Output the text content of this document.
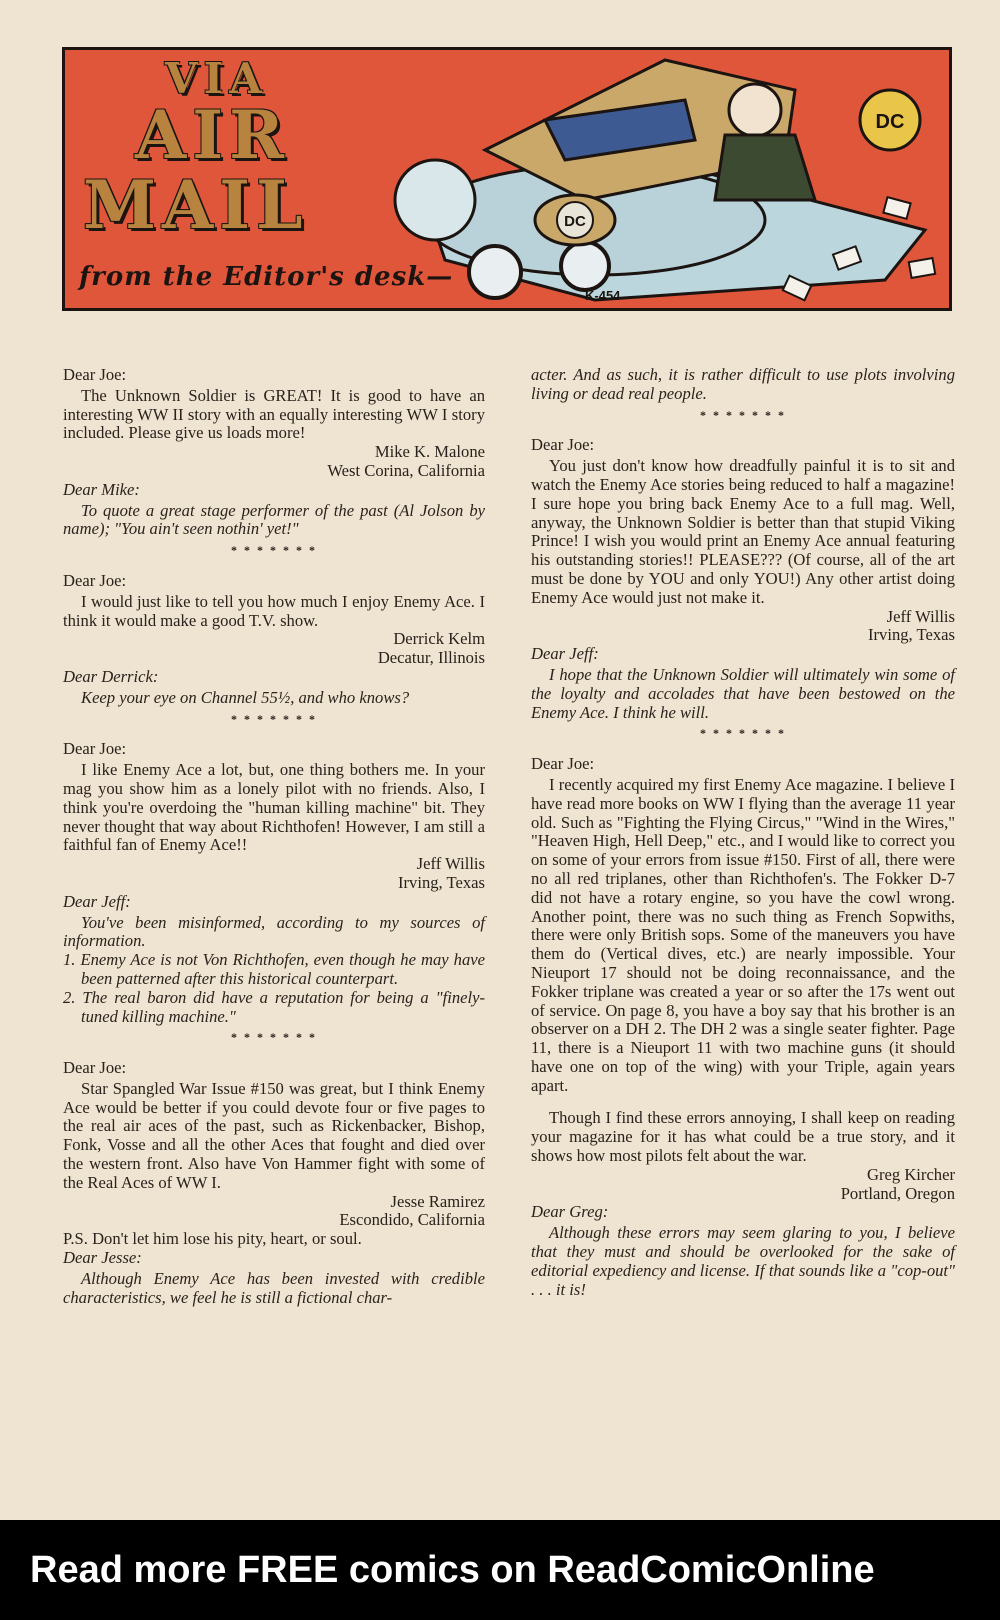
DC
DC
VIA
AIR
MAIL
from the Editor's desk—
K-454
Dear Joe:

The Unknown Soldier is GREAT! It is good to have an interesting WW II story with an equally interesting WW I story included. Please give us loads more!

Mike K. Malone

West Corina, California

Dear Mike:

To quote a great stage performer of the past (Al Jolson by name); "You ain't seen nothin' yet!"

* * * * * * *
Dear Joe:

I would just like to tell you how much I enjoy Enemy Ace. I think it would make a good T.V. show.

Derrick Kelm

Decatur, Illinois

Dear Derrick:

Keep your eye on Channel 55½, and who knows?

* * * * * * *
Dear Joe:

I like Enemy Ace a lot, but, one thing bothers me. In your mag you show him as a lonely pilot with no friends. Also, I think you're overdoing the "human killing machine" bit. They never thought that way about Richthofen! However, I am still a faithful fan of Enemy Ace!!

Jeff Willis

Irving, Texas

Dear Jeff:

You've been misinformed, according to my sources of information.

1. Enemy Ace is not Von Richthofen, even though he may have been patterned after this historical counterpart.
2. The real baron did have a reputation for being a "finely-tuned killing machine."
* * * * * * *
Dear Joe:

Star Spangled War Issue #150 was great, but I think Enemy Ace would be better if you could devote four or five pages to the real air aces of the past, such as Rickenbacker, Bishop, Fonk, Vosse and all the other Aces that fought and died over the western front. Also have Von Hammer fight with some of the Real Aces of WW I.

Jesse Ramirez

Escondido, California

P.S. Don't let him lose his pity, heart, or soul.

Dear Jesse:

Although Enemy Ace has been invested with credible characteristics, we feel he is still a fictional char-

acter. And as such, it is rather difficult to use plots involving living or dead real people.

* * * * * * *
Dear Joe:

You just don't know how dreadfully painful it is to sit and watch the Enemy Ace stories being reduced to half a magazine! I sure hope you bring back Enemy Ace to a full mag. Well, anyway, the Unknown Soldier is better than that stupid Viking Prince! I wish you would print an Enemy Ace annual featuring his outstanding stories!! PLEASE??? (Of course, all of the art must be done by YOU and only YOU!) Any other artist doing Enemy Ace would just not make it.

Jeff Willis

Irving, Texas

Dear Jeff:

I hope that the Unknown Soldier will ultimately win some of the loyalty and accolades that have been bestowed on the Enemy Ace. I think he will.

* * * * * * *
Dear Joe:

I recently acquired my first Enemy Ace magazine. I believe I have read more books on WW I flying than the average 11 year old. Such as "Fighting the Flying Circus," "Wind in the Wires," "Heaven High, Hell Deep," etc., and I would like to correct you on some of your errors from issue #150. First of all, there were no all red triplanes, other than Richthofen's. The Fokker D-7 did not have a rotary engine, so you have the cowl wrong. Another point, there was no such thing as French Sopwiths, there were only British sops. Some of the maneuvers you have them do (Vertical dives, etc.) are nearly impossible. Your Nieuport 17 should not be doing reconnaissance, and the Fokker triplane was created a year or so after the 17s went out of service. On page 8, you have a boy say that his brother is an observer on a DH 2. The DH 2 was a single seater fighter. Page 11, there is a Nieuport 11 with two machine guns (it should have one on top of the wing) with your Triple, again years apart.

Though I find these errors annoying, I shall keep on reading your magazine for it has what could be a true story, and it shows how most pilots felt about the war.

Greg Kircher

Portland, Oregon

Dear Greg:

Although these errors may seem glaring to you, I believe that they must and should be overlooked for the sake of editorial expediency and license. If that sounds like a "cop-out" . . . it is!

Read more FREE comics on ReadComicOnline
